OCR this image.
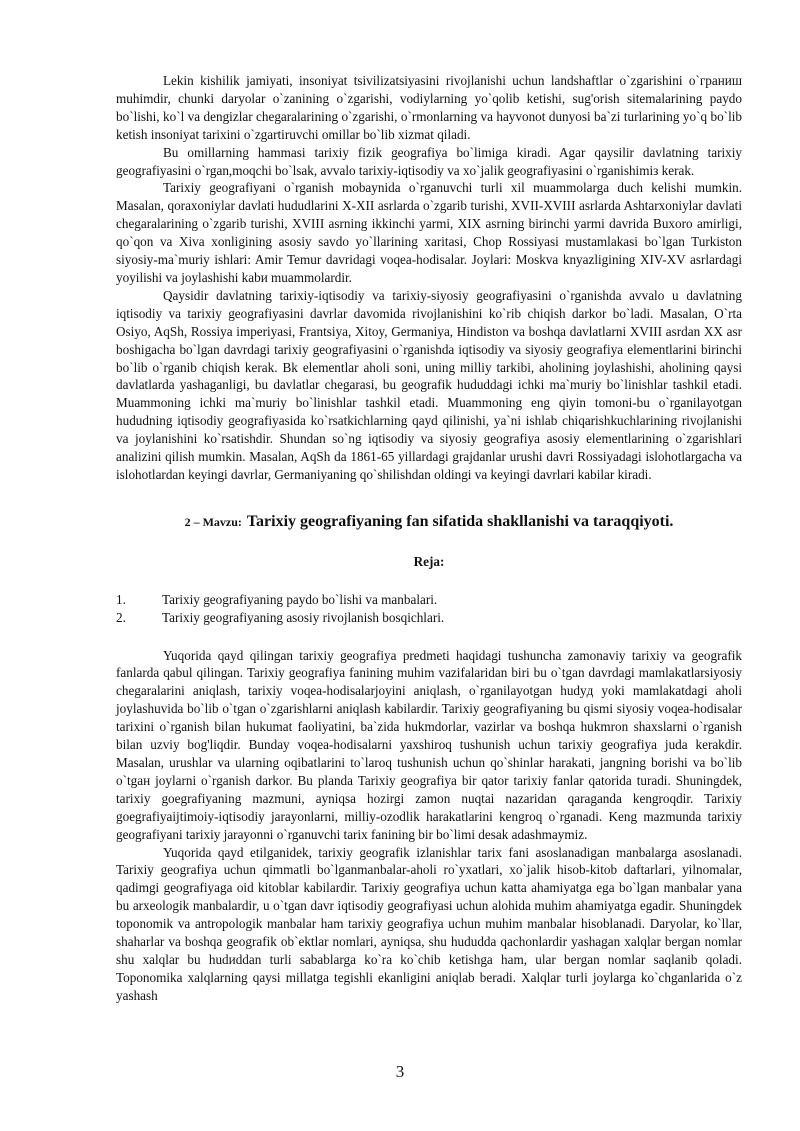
Lekin kishilik jamiyati, insoniyat tsivilizatsiyasini rivojlanishi uchun landshaftlar o`zgarishini o`граниш muhimdir, chunki daryolar o`zanining o`zgarishi, vodiylarning yo`qolib ketishi, sug'orish sitemalarining paydo bo`lishi, ko`l va dengizlar chegaralarining o`zgarishi, o`rmonlarning va hayvonot dunyosi ba`zi turlarining yo`q bo`lib ketish insoniyat tarixini o`zgartiruvchi omillar bo`lib xizmat qiladi.

Bu omillarning hammasi tarixiy fizik geografiya bo`limiga kiradi. Agar qaysilir davlatning tarixiy geografiyasini o`rgan,moqchi bo`lsak, avvalo tarixiy-iqtisodiy va xo`jalik geografiyasini o`rganishimiз kerak.

Tarixiy geografiyani o`rganish mobaynida o`rganuvchi turli xil muammolarga duch kelishi mumkin. Masalan, qoraxoniylar davlati hududlarini X-XII asrlarda o`zgarib turishi, XVII-XVIII asrlarda Ashtarxoniylar davlati chegaralarining o`zgarib turishi, XVIII asrning ikkinchi yarmi, XIX asrning birinchi yarmi davrida Buxoro amirligi, qo`qon va Xiva xonligining asosiy savdo yo`llarining xaritasi, Chop Rossiyasi mustamlakasi bo`lgan Turkiston siyosiy-ma`muriy ishlari: Amir Temur davridagi voqea-hodisalar. Joylari: Moskva knyazligining XIV-XV asrlardagi yoyilishi va joylashishi kabи muammolardir.

Qaysidir davlatning tarixiy-iqtisodiy va tarixiy-siyosiy geografiyasini o`rganishda avvalo u davlatning iqtisodiy va tarixiy geografiyasini davrlar davomida rivojlanishini ko`rib chiqish darkor bo`ladi. Masalan, O`rta Osiyo, AqSh, Rossiya imperiyasi, Frantsiya, Xitoy, Germaniya, Hindiston va boshqa davlatlarni XVIII asrdan XX asr boshigacha bo`lgan davrdagi tarixiy geografiyasini o`rganishda iqtisodiy va siyosiy geografiya elementlarini birinchi bo`lib o`rganib chiqish kerak. Bk elementlar aholi soni, uning milliy tarkibi, aholining joylashishi, aholining qaysi davlatlarda yashaganligi, bu davlatlar chegarasi, bu geografik hududdagi ichki ma`muriy bo`linishlar tashkil etadi. Muammoning ichki ma`muriy bo`linishlar tashkil etadi. Muammoning eng qiyin tomoni-bu o`rganilayotgan hududning iqtisodiy geografiyasida ko`rsatkichlarning qayd qilinishi, ya`ni ishlab chiqarishkuchlarining rivojlanishi va joylanishini ko`rsatishdir. Shundan so`ng iqtisodiy va siyosiy geografiya asosiy elementlarining o`zgarishlari analizini qilish mumkin. Masalan, AqSh da 1861-65 yillardagi grajdanlar urushi davri Rossiyadagi islohotlargacha va islohotlardan keyingi davrlar, Germaniyaning qo`shilishdan oldingi va keyingi davrlari kabilar kiradi.

2 – Mavzu: Tarixiy geografiyaning fan sifatida shakllanishi va taraqqiyoti.
Reja:
1.	Tarixiy geografiyaning paydo bo`lishi va manbalari.
2.	Tarixiy geografiyaning asosiy rivojlanish bosqichlari.

Yuqorida qayd qilingan tarixiy geografiya predmeti haqidagi tushuncha zamonaviy tarixiy va geografik fanlarda qabul qilingan. Tarixiy geografiya fanining muhim vazifalaridan biri bu o`tgan davrdagi mamlakatlarsiyosiy chegaralarini aniqlash, tarixiy voqea-hodisalarjoyini aniqlash, o`rganilayotgan hudyд yoki mamlakatdagi aholi joylashuvida bo`lib o`tgan o`zgarishlarni aniqlash kabilardir. Tarixiy geografiyaning bu qismi siyosiy voqea-hodisalar tarixini o`rganish bilan hukumat faoliyatini, ba`zida hukmdorlar, vazirlar va boshqa hukmron shaxslarni o`rganish bilan uzviy bog'liqdir. Bunday voqea-hodisalarni yaxshiroq tushunish uchun tarixiy geografiya juda kerakdir. Masalan, urushlar va ularning oqibatlarini to`laroq tushunish uchun qo`shinlar harakati, jangning borishi va bo`lib o`tgaн joylarni o`rganish darkor. Bu planda Tarixiy geografiya bir qator tarixiy fanlar qatorida turadi. Shuningdek, tarixiy goegrafiyaning mazmuni, ayniqsa hozirgi zamon nuqtai nazaridan qaraganda kengroqdir. Tarixiy goegrafiyaijtimoiy-iqtisodiy jarayonlarni, milliy-ozodlik harakatlarini kengroq o`rganadi. Keng mazmunda tarixiy geografiyani tarixiy jarayonni o`rganuvchi tarix fanining bir bo`limi desak adashmaymiz.

Yuqorida qayd etilganidek, tarixiy geografik izlanishlar tarix fani asoslanadigan manbalarga asoslanadi. Tarixiy geografiya uchun qimmatli bo`lganmanbalar-aholi ro`yxatlari, xo`jalik hisob-kitob daftarlari, yilnomalar, qadimgi geografiyaga oid kitoblar kabilardir. Tarixiy geografiya uchun katta ahamiyatga ega bo`lgan manbalar yana bu arxeologik manbalardir, u o`tgan davr iqtisodiy geografiyasi uchun alohida muhim ahamiyatga egadir. Shuningdek toponomik va antropologik manbalar ham tarixiy geografiya uchun muhim manbalar hisoblanadi. Daryolar, ko`llar, shaharlar va boshqa geografik ob`ektlar nomlari, ayniqsa, shu hududda qachonlardir yashagan xalqlar bergan nomlar shu xalqlar bu hudиddan turli sabablarga ko`ra ko`chib ketishga ham, ular bergan nomlar saqlanib qoladi. Toponomika xalqlarning qaysi millatga tegishli ekanligini aniqlab beradi. Xalqlar turli joylarga ko`chganlarida o`z yashash

3
